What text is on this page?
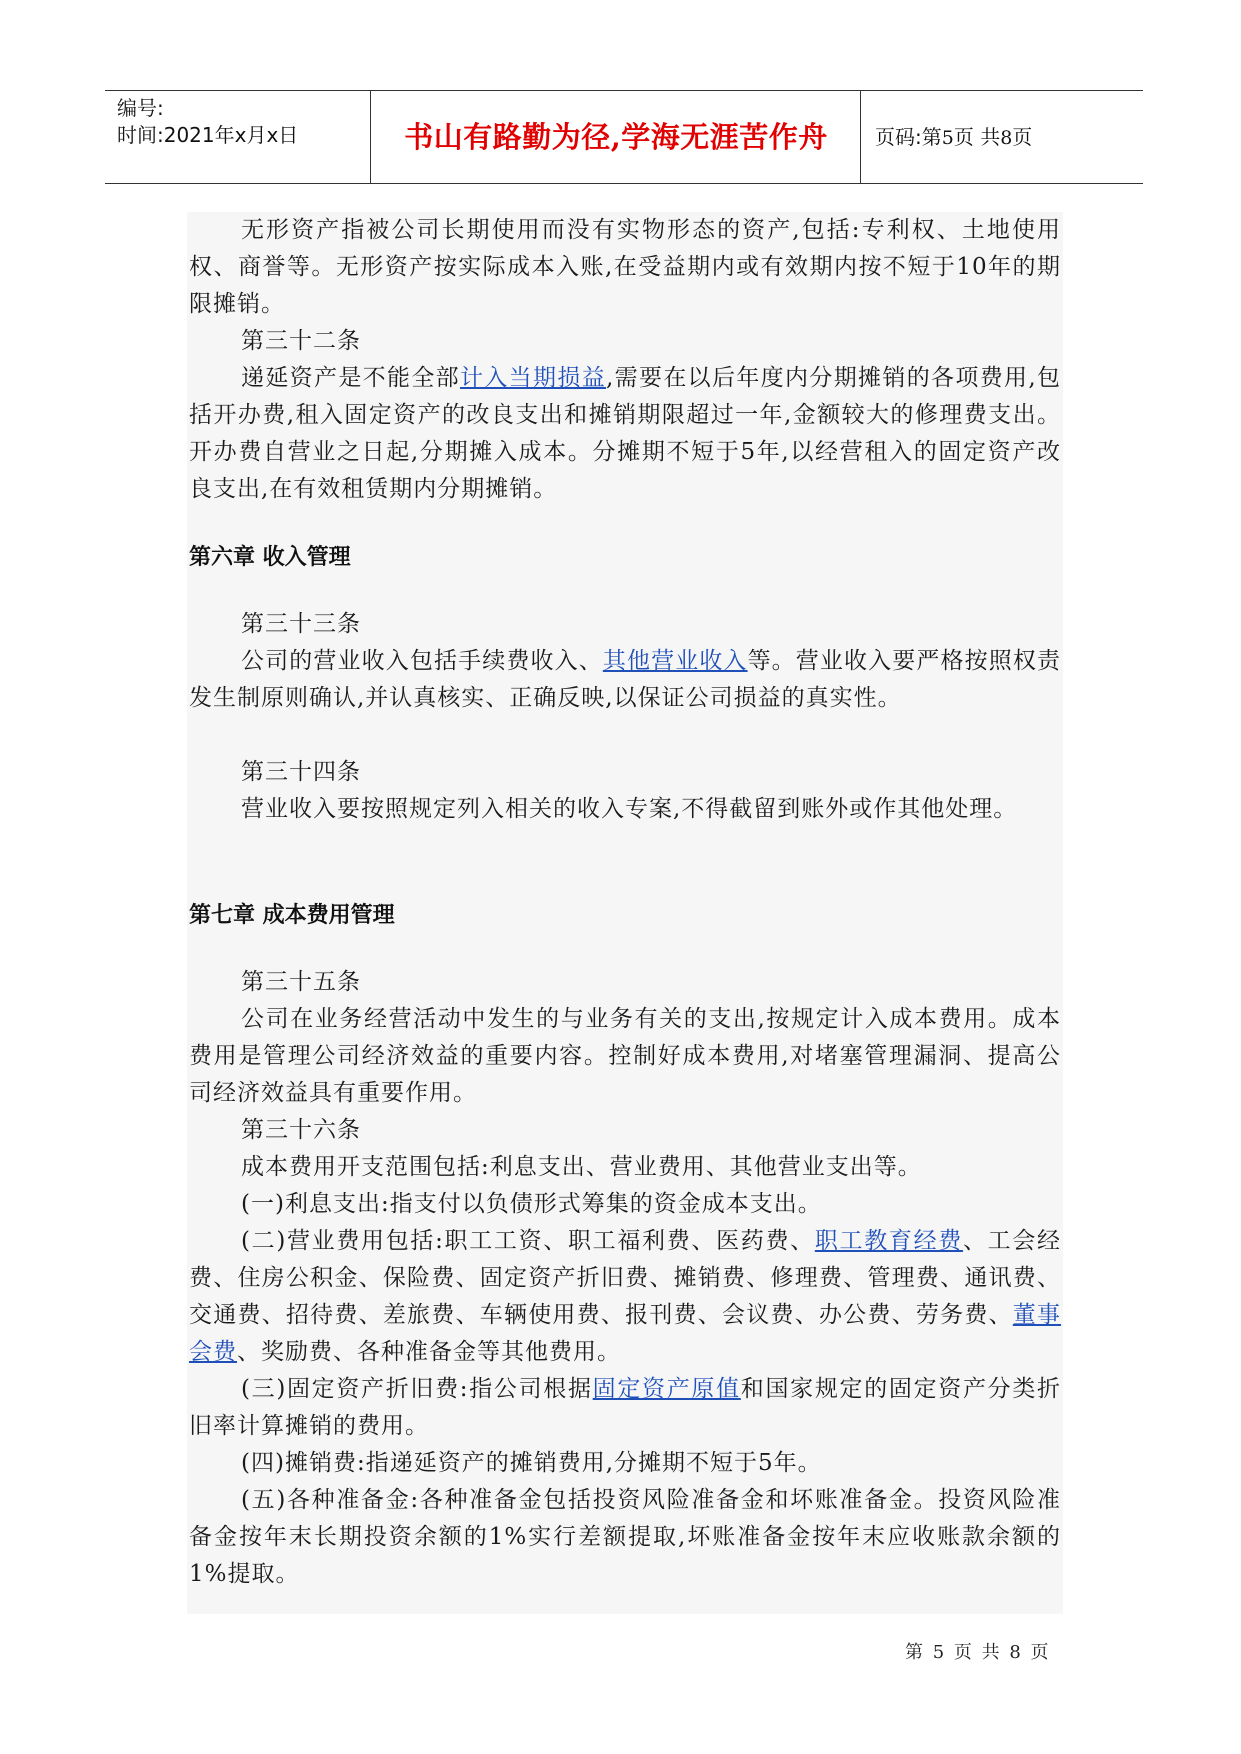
编号:
时间:2021年x月x日	书山有路勤为径,学海无涯苦作舟	页码:第5页 共8页

无形资产指被公司长期使用而没有实物形态的资产,包括:专利权、土地使用权、商誉等。无形资产按实际成本入账,在受益期内或有效期内按不短于10年的期限摊销。

第三十二条

递延资产是不能全部计入当期损益,需要在以后年度内分期摊销的各项费用,包括开办费,租入固定资产的改良支出和摊销期限超过一年,金额较大的修理费支出。开办费自营业之日起,分期摊入成本。分摊期不短于5年,以经营租入的固定资产改良支出,在有效租赁期内分期摊销。

第六章 收入管理
第三十三条

公司的营业收入包括手续费收入、其他营业收入等。营业收入要严格按照权责发生制原则确认,并认真核实、正确反映,以保证公司损益的真实性。

第三十四条

营业收入要按照规定列入相关的收入专案,不得截留到账外或作其他处理。

第七章 成本费用管理
第三十五条

公司在业务经营活动中发生的与业务有关的支出,按规定计入成本费用。成本费用是管理公司经济效益的重要内容。控制好成本费用,对堵塞管理漏洞、提高公司经济效益具有重要作用。

第三十六条

成本费用开支范围包括:利息支出、营业费用、其他营业支出等。

(一)利息支出:指支付以负债形式筹集的资金成本支出。

(二)营业费用包括:职工工资、职工福利费、医药费、职工教育经费、工会经费、住房公积金、保险费、固定资产折旧费、摊销费、修理费、管理费、通讯费、交通费、招待费、差旅费、车辆使用费、报刊费、会议费、办公费、劳务费、董事会费、奖励费、各种准备金等其他费用。

(三)固定资产折旧费:指公司根据固定资产原值和国家规定的固定资产分类折旧率计算摊销的费用。

(四)摊销费:指递延资产的摊销费用,分摊期不短于5年。

(五)各种准备金:各种准备金包括投资风险准备金和坏账准备金。投资风险准备金按年末长期投资余额的1%实行差额提取,坏账准备金按年末应收账款余额的1%提取。

第 5 页 共 8 页
